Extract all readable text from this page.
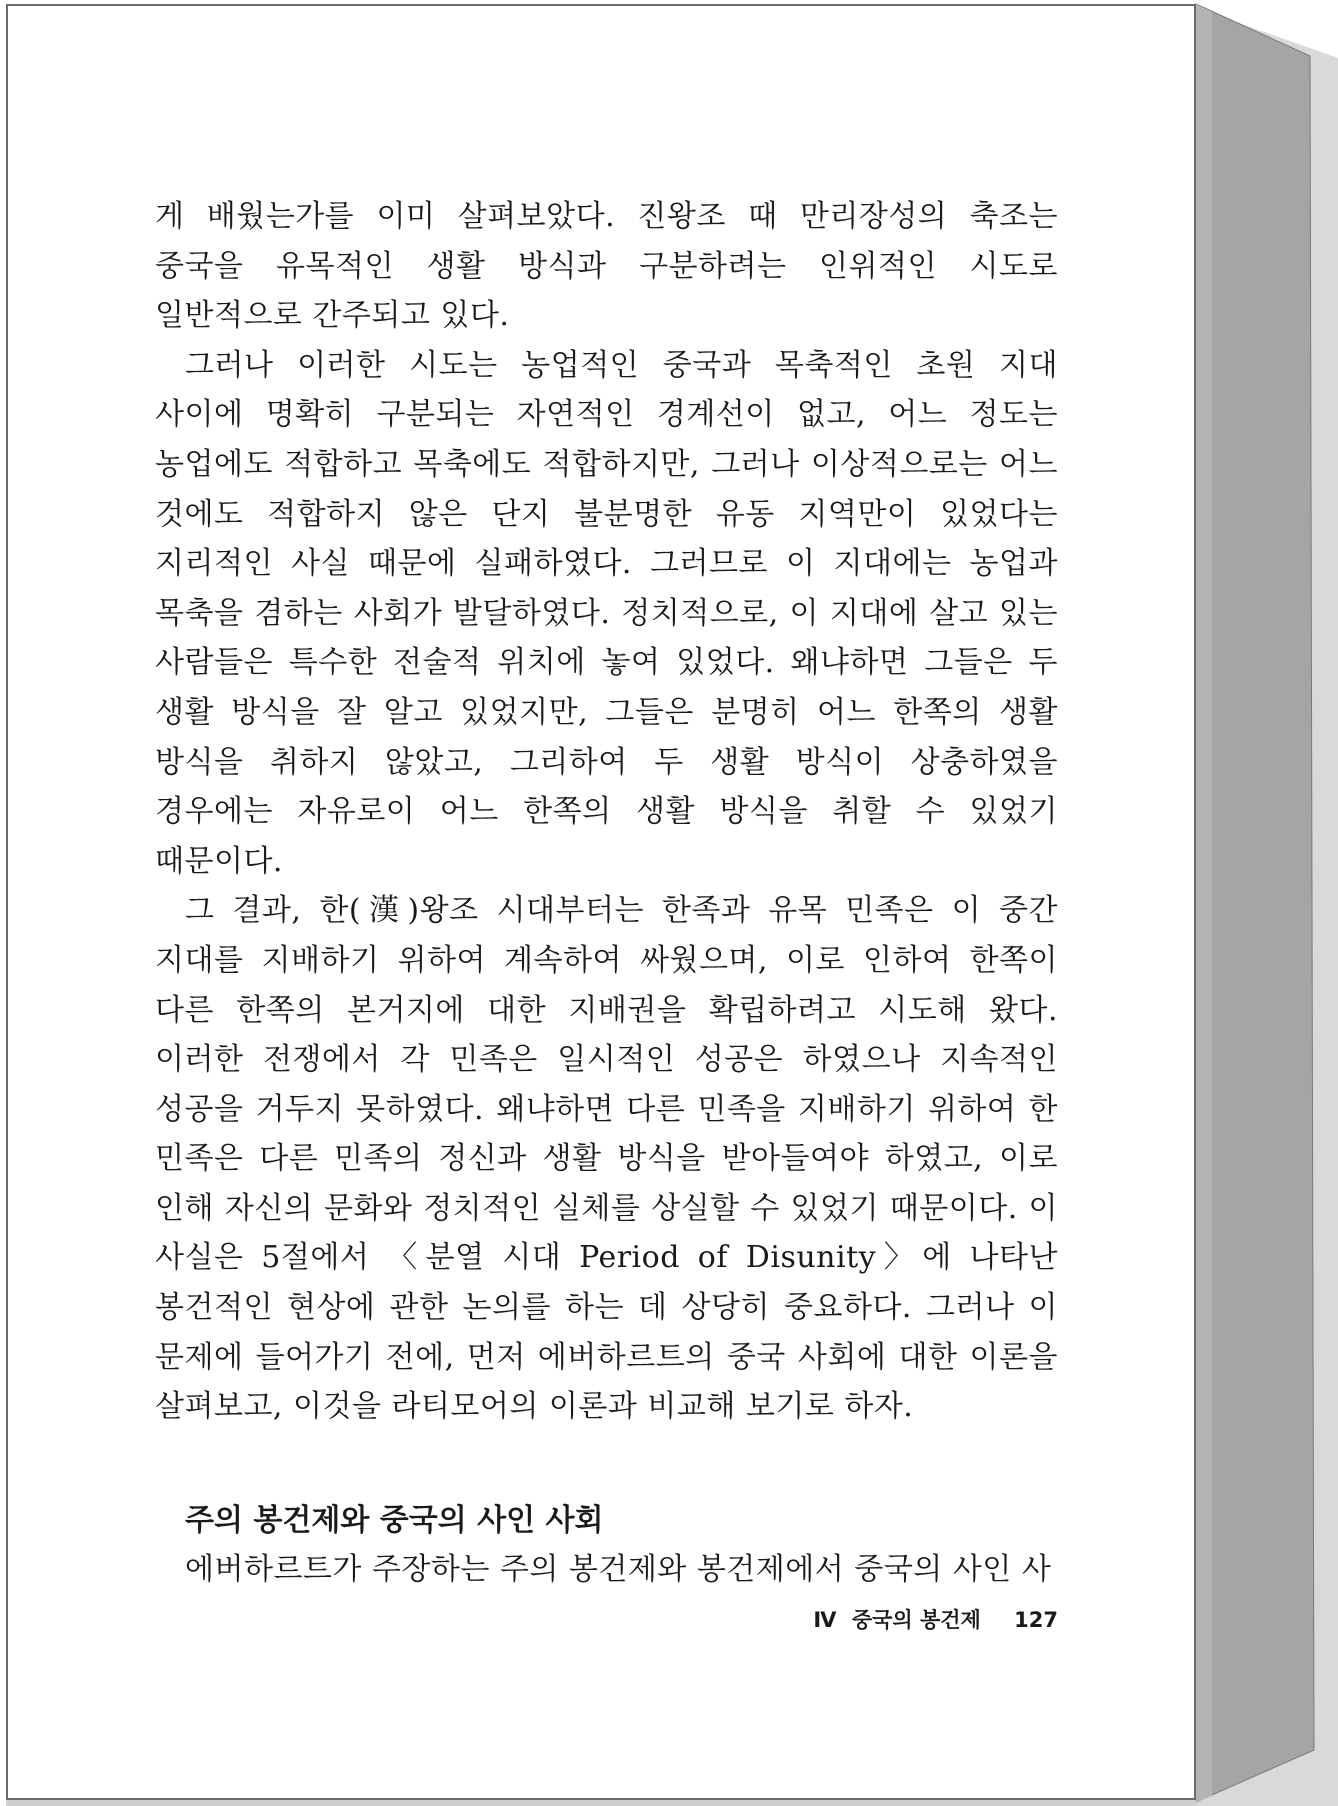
게 배웠는가를 이미 살펴보았다. 진왕조 때 만리장성의 축조는 중국을 유목적인 생활 방식과 구분하려는 인위적인 시도로 일반적으로 간주되고 있다.

그러나 이러한 시도는 농업적인 중국과 목축적인 초원 지대 사이에 명확히 구분되는 자연적인 경계선이 없고, 어느 정도는 농업에도 적합하고 목축에도 적합하지만, 그러나 이상적으로는 어느 것에도 적합하지 않은 단지 불분명한 유동 지역만이 있었다는 지리적인 사실 때문에 실패하였다. 그러므로 이 지대에는 농업과 목축을 겸하는 사회가 발달하였다. 정치적으로, 이 지대에 살고 있는 사람들은 특수한 전술적 위치에 놓여 있었다. 왜냐하면 그들은 두 생활 방식을 잘 알고 있었지만, 그들은 분명히 어느 한쪽의 생활 방식을 취하지 않았고, 그리하여 두 생활 방식이 상충하였을 경우에는 자유로이 어느 한쪽의 생활 방식을 취할 수 있었기 때문이다.

그 결과, 한(漢)왕조 시대부터는 한족과 유목 민족은 이 중간 지대를 지배하기 위하여 계속하여 싸웠으며, 이로 인하여 한쪽이 다른 한쪽의 본거지에 대한 지배권을 확립하려고 시도해 왔다. 이러한 전쟁에서 각 민족은 일시적인 성공은 하였으나 지속적인 성공을 거두지 못하였다. 왜냐하면 다른 민족을 지배하기 위하여 한 민족은 다른 민족의 정신과 생활 방식을 받아들여야 하였고, 이로 인해 자신의 문화와 정치적인 실체를 상실할 수 있었기 때문이다. 이 사실은 5절에서 〈분열 시대 Period of Disunity〉에 나타난 봉건적인 현상에 관한 논의를 하는 데 상당히 중요하다. 그러나 이 문제에 들어가기 전에, 먼저 에버하르트의 중국 사회에 대한 이론을 살펴보고, 이것을 라티모어의 이론과 비교해 보기로 하자.

주의 봉건제와 중국의 사인 사회

에버하르트가 주장하는 주의 봉건제와 봉건제에서 중국의 사인 사

Ⅳ 중국의 봉건제 127
